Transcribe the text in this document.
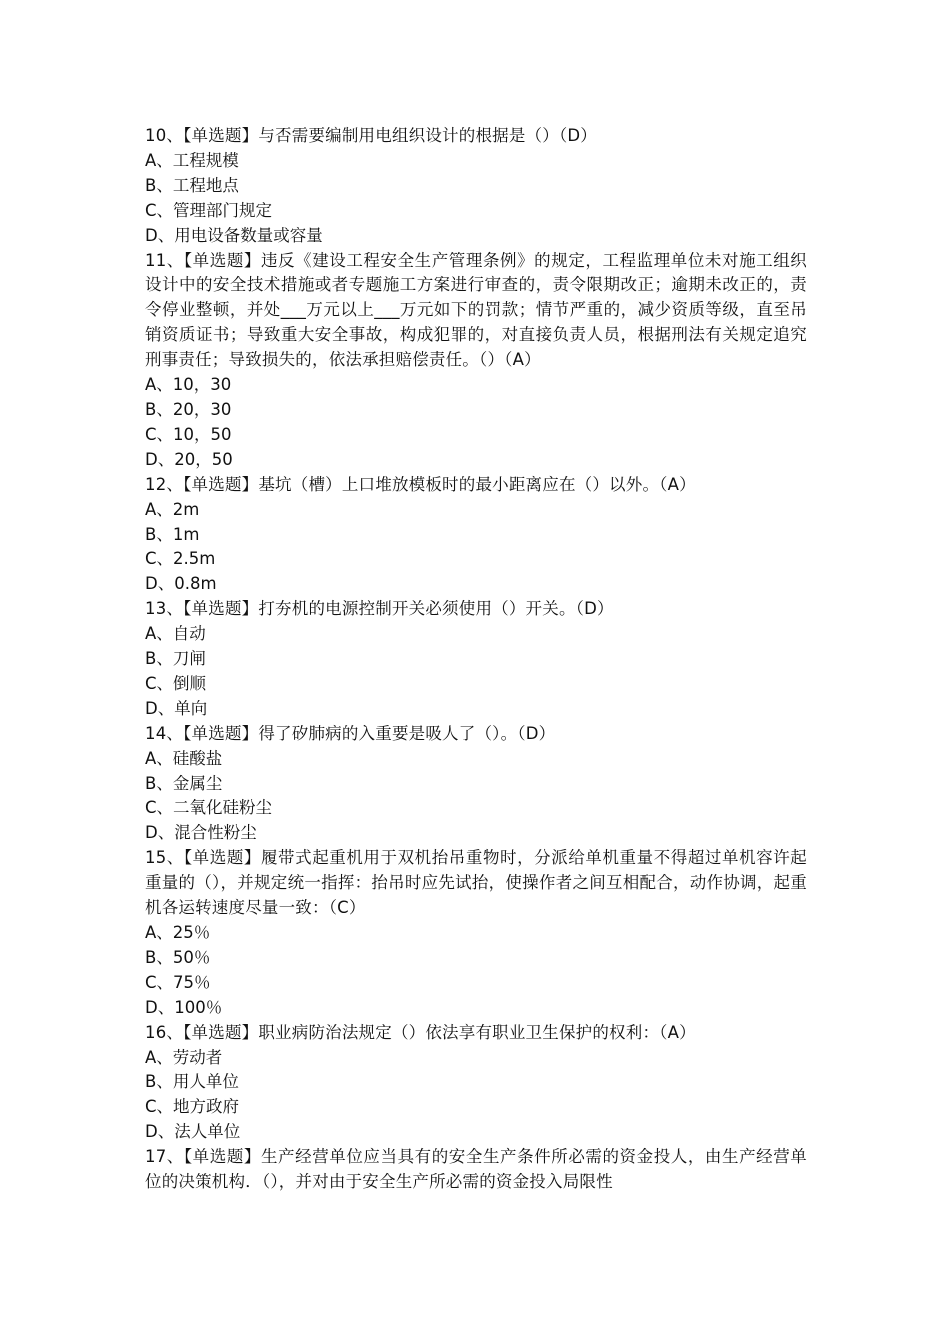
10、【单选题】与否需要编制用电组织设计的根据是（）（D）

A、工程规模

B、工程地点

C、管理部门规定

D、用电设备数量或容量

11、【单选题】违反《建设工程安全生产管理条例》的规定，工程监理单位未对施工组织设计中的安全技术措施或者专题施工方案进行审查的，责令限期改正；逾期未改正的，责令停业整顿，并处___万元以上___万元如下的罚款；情节严重的，减少资质等级，直至吊销资质证书；导致重大安全事故，构成犯罪的，对直接负责人员，根据刑法有关规定追究刑事责任；导致损失的，依法承担赔偿责任。（）（A）

A、10，30

B、20，30

C、10，50

D、20，50

12、【单选题】基坑（槽）上口堆放模板时的最小距离应在（）以外。（A）

A、2m

B、1m

C、2.5m

D、0.8m

13、【单选题】打夯机的电源控制开关必须使用（）开关。（D）

A、自动

B、刀闸

C、倒顺

D、单向

14、【单选题】得了矽肺病的入重要是吸人了（）。（D）

A、硅酸盐

B、金属尘

C、二氧化硅粉尘

D、混合性粉尘

15、【单选题】履带式起重机用于双机抬吊重物时，分派给单机重量不得超过单机容许起重量的（），并规定统一指挥：抬吊时应先试抬，使操作者之间互相配合，动作协调，起重机各运转速度尽量一致：（C）

A、25％

B、50％

C、75％

D、100％

16、【单选题】职业病防治法规定（）依法享有职业卫生保护的权利：（A）

A、劳动者

B、用人单位

C、地方政府

D、法人单位

17、【单选题】生产经营单位应当具有的安全生产条件所必需的资金投人，由生产经营单位的决策机构．（），并对由于安全生产所必需的资金投入局限性
